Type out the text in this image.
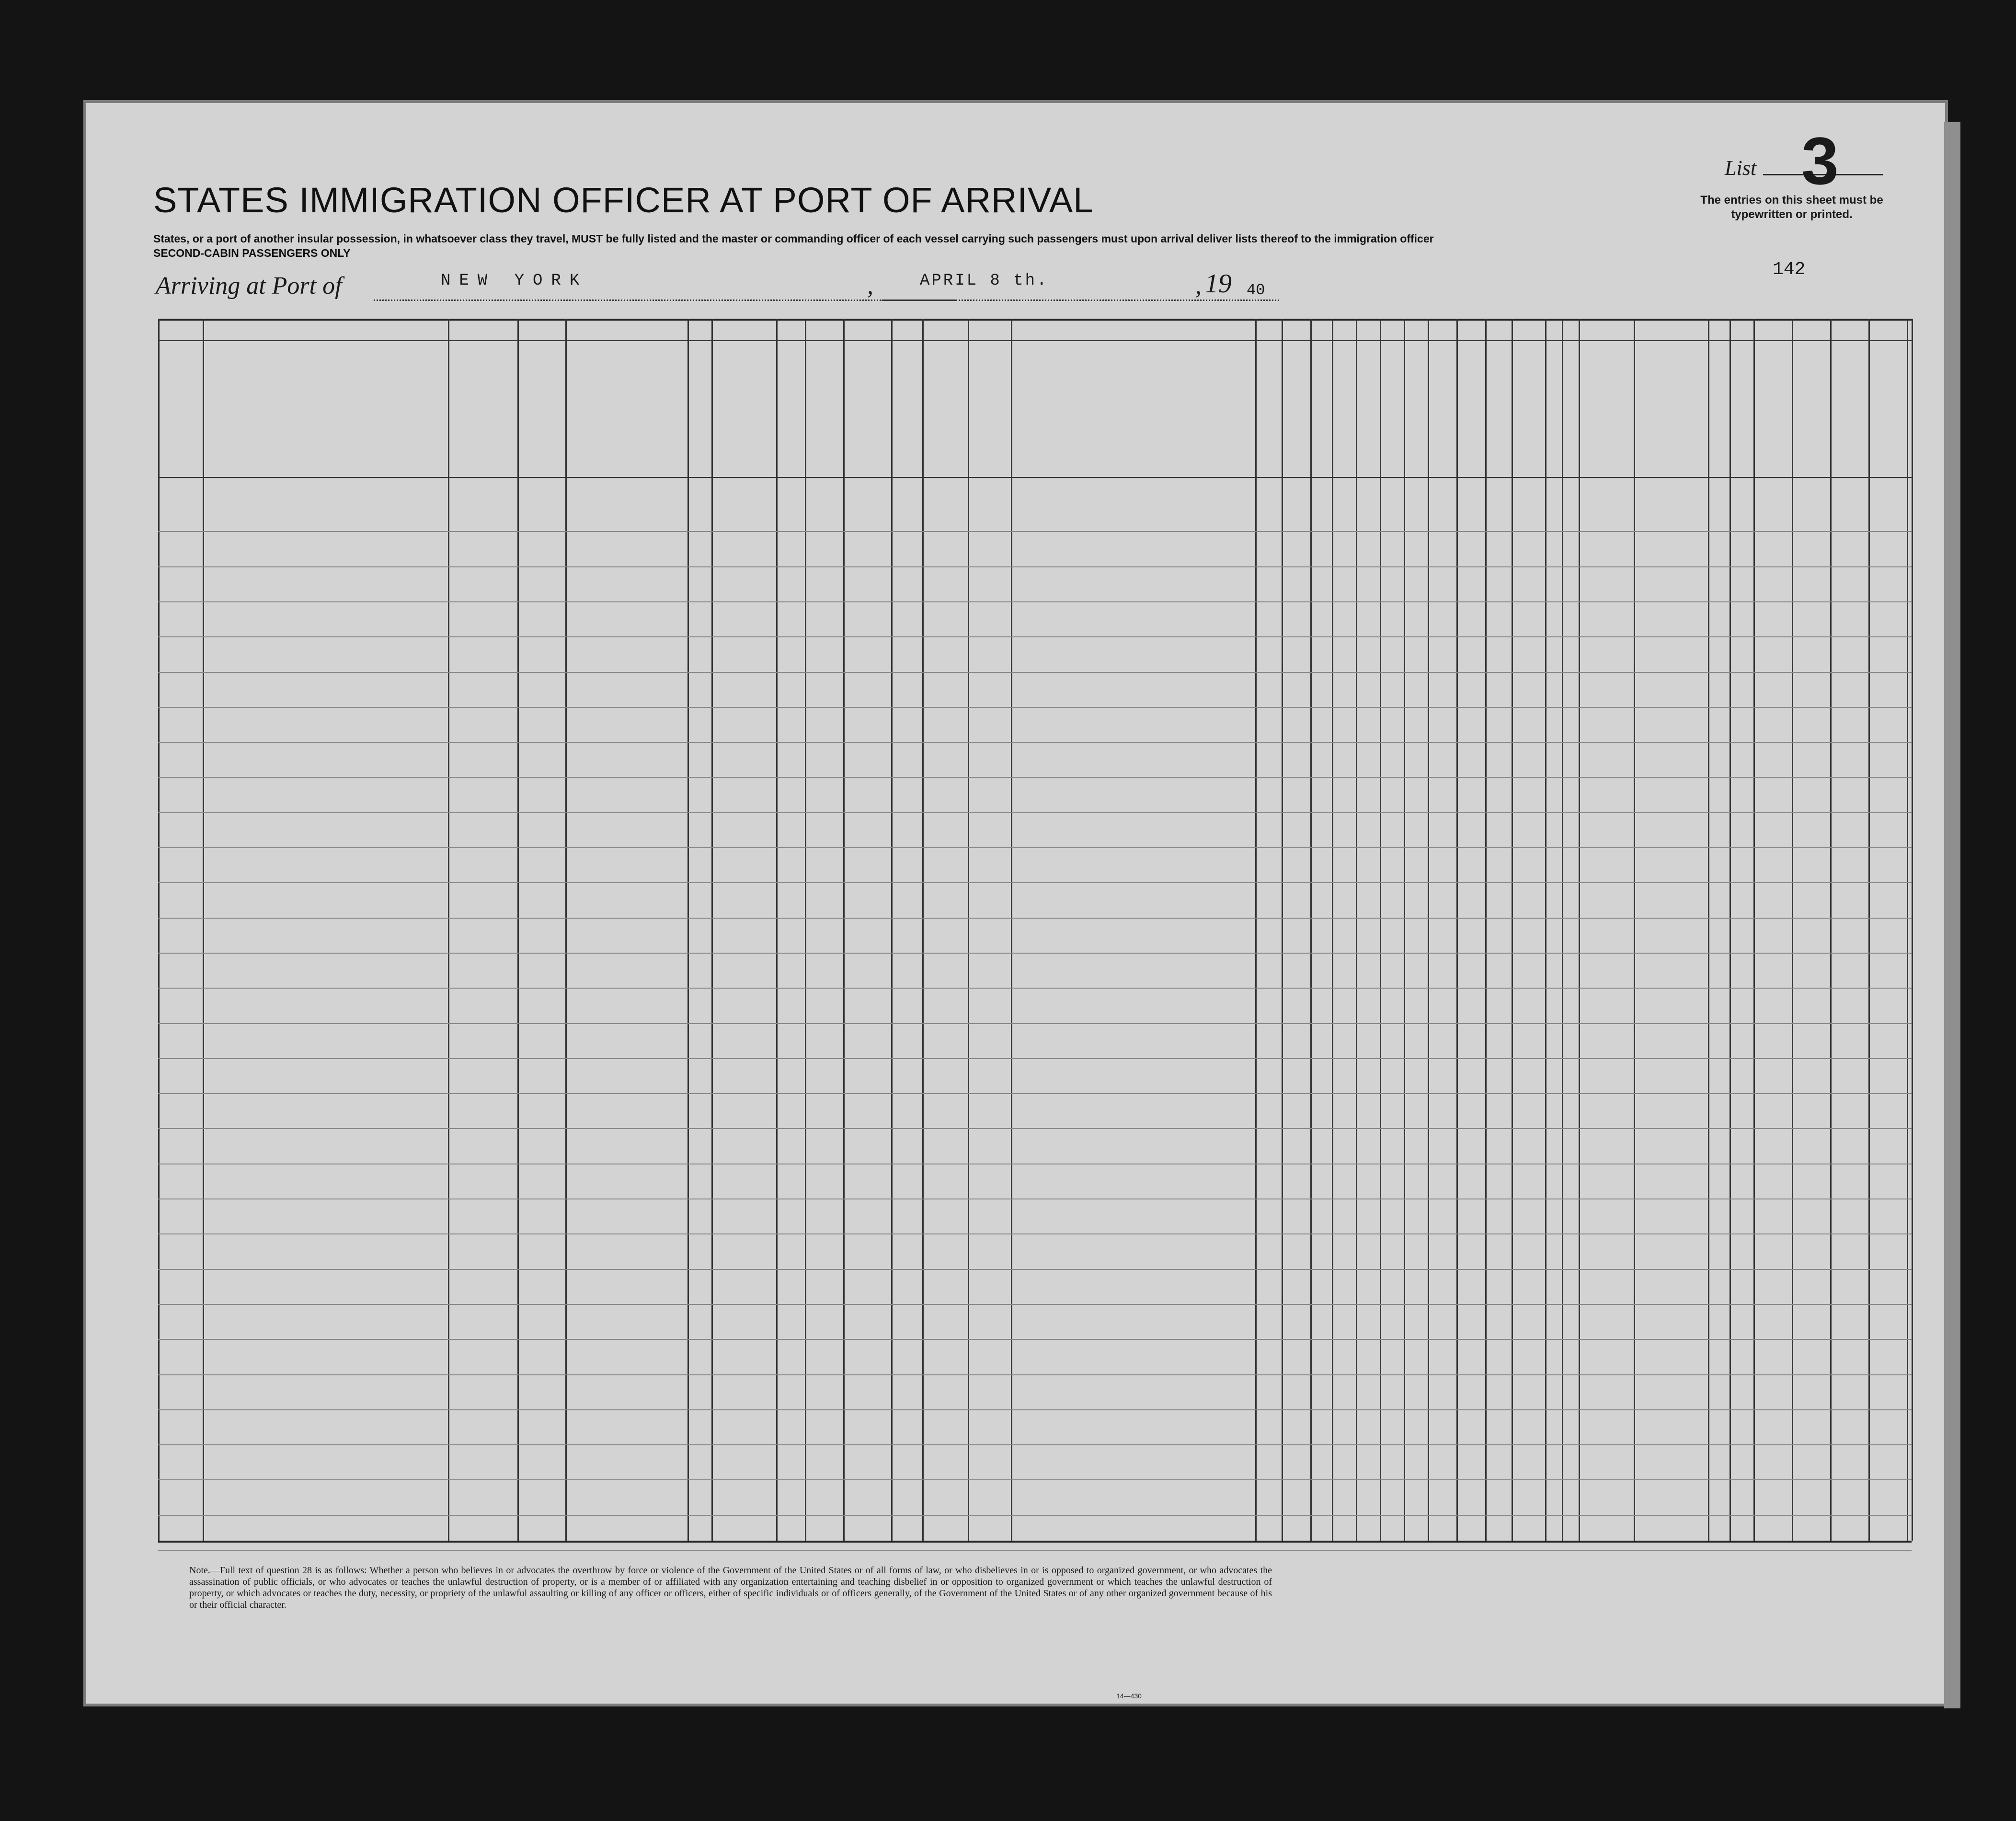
STATES IMMIGRATION OFFICER AT PORT OF ARRIVAL
States, or a port of another insular possession, in whatsoever class they travel, MUST be fully listed and the master or commanding officer of each vessel carrying such passengers must upon arrival deliver lists thereof to the immigration officer
SECOND-CABIN PASSENGERS ONLY
List 3
The entries on this sheet must be typewritten or printed.
142
Arriving at Port of	NEW YORK	,	APRIL 8 th.	, 19 40
Note.—Full text of question 28 is as follows: Whether a person who believes in or advocates the overthrow by force or violence of the Government of the United States or of all forms of law, or who disbelieves in or is opposed to organized government, or who advocates the assassination of public officials, or who advocates or teaches the unlawful destruction of property, or is a member of or affiliated with any organization entertaining and teaching disbelief in or opposition to organized government or which teaches the unlawful destruction of property, or which advocates or teaches the duty, necessity, or propriety of the unlawful assaulting or killing of any officer or officers, either of specific individuals or of officers generally, of the Government of the United States or of any other organized government because of his or their official character.
14—430
